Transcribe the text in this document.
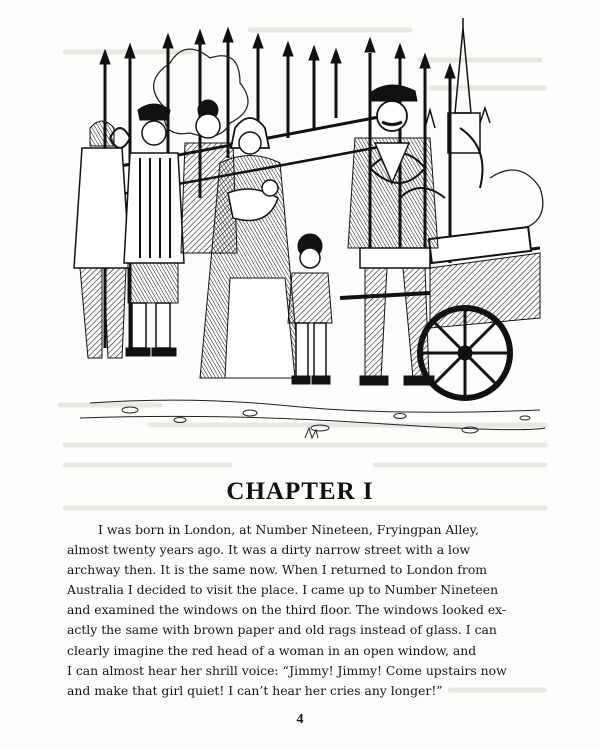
CHAPTER I

I was born in London, at Number Nineteen, Fryingpan Alley,
almost twenty years ago. It was a dirty narrow street with a low
archway then. It is the same now. When I returned to London from
Australia I decided to visit the place. I came up to Number Nineteen
and examined the windows on the third floor. The windows looked ex-
actly the same with brown paper and old rags instead of glass. I can
clearly imagine the red head of a woman in an open window, and
I can almost hear her shrill voice: “Jimmy! Jimmy! Come upstairs now
and make that girl quiet! I can’t hear her cries any longer!”

4
